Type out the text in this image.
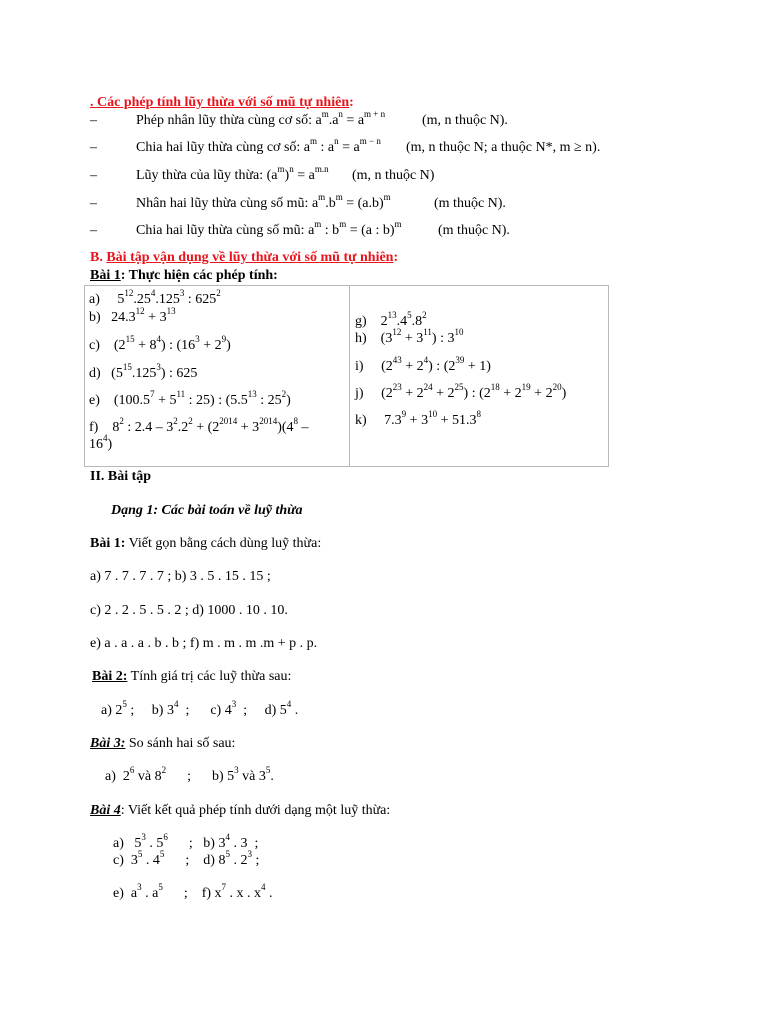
. Các phép tính lũy thừa với số mũ tự nhiên:
–	Phép nhân lũy thừa cùng cơ số: $a^m.a^n = a^{m + n}$	(m, n thuộc N).
–	Chia hai lũy thừa cùng cơ số: $a^m$ : $a^n = a^{m - n}$ (m, n thuộc N; a thuộc N*, m ≥ n).
–	Lũy thừa của lũy thừa: $(a^m)^n = a^{m.n}$ (m, n thuộc N)
–	Nhân hai lũy thừa cùng số mũ: $a^m.b^m = (a.b)^m$	(m thuộc N).
–	Chia hai lũy thừa cùng số mũ: $a^m$ : $b^m = (a$ : b)$^m$	(m thuộc N).
B. Bài tập vận dụng về lũy thừa với số mũ tự nhiên:
Bài 1: Thực hiện các phép tính:
a)     $5^{12}.25^4.125^3$ : $625^2$
b)   $24.3^{12} + 3^{13}$
c)    $(2^{15} + 8^4)$ : $(16^3 + 2^9)$
d)   $(5^{15}.125^3)$ : 625
e)    ($100.5^7 + 5^{11}$ : 25) : ($5.5^{13}$ : $25^2$)
f)    $8^2$ : $2.4 - 3^2.2^2 + (2^{2014} + 3^{2014})(4^8$ –
$16^4$)

g)    $2^{13}.4^5.8^2$
h)    $(3^{12} + 3^{11})$ : $3^{10}$
i)     $(2^{43} + 2^4)$ : $(2^{39} + 1)$
j)     $(2^{23} + 2^{24} + 2^{25})$ : $(2^{18} + 2^{19} + 2^{20})$
k)     $7.3^9 + 3^{10} + 51.3^8$
II. Bài tập
Dạng 1: Các bài toán về luỹ thừa
Bài 1: Viết gọn bằng cách dùng luỹ thừa:
a) 7 . 7 . 7 . 7 ; b) 3 . 5 . 15 . 15 ;
c) 2 . 2 . 5 . 5 . 2 ; d) 1000 . 10 . 10.
e) a . a . a . b . b ; f) m . m . m .m + p . p.
Bài 2: Tính giá trị các luỹ thừa sau:
a) $2^5$ ;     b) $3^4$  ;      c) $4^3$  ;     d) $5^4$ .
Bài 3: So sánh hai số sau:
a)  $2^6$ và $8^2$      ;      b) $5^3$ và $3^5$.
Bài 4: Viết kết quả phép tính dưới dạng một luỹ thừa:
a)   $5^3$ . $5^6$      ;   b) $3^4$ . 3  ;
c)  $3^5$ . $4^5$      ;    d) $8^5$ . $2^3$ ;
e)  $a^3$ . $a^5$      ;    f) $x^7$ . x . $x^4$ .
